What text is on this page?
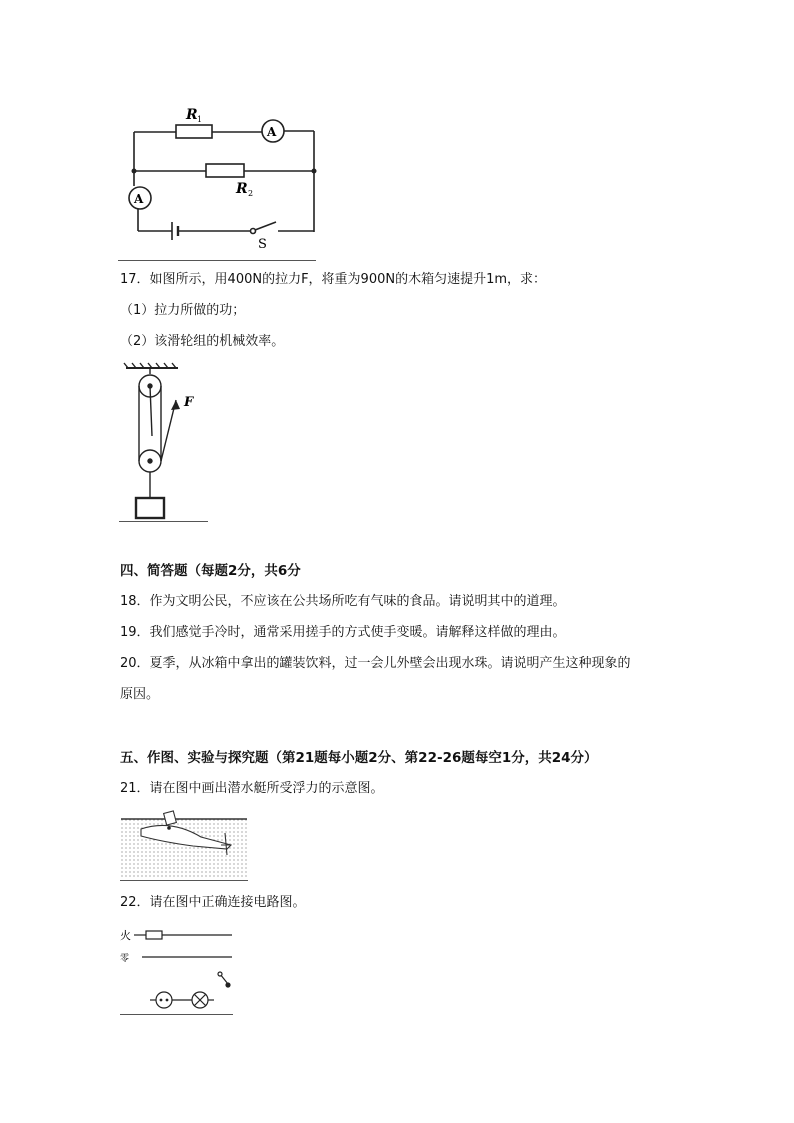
A
A
R 1
R 2
S
17．如图所示，用400N的拉力F，将重为900N的木箱匀速提升1m，求：
（1）拉力所做的功；
（2）该滑轮组的机械效率。
F
四、简答题（每题2分，共6分
18．作为文明公民，不应该在公共场所吃有气味的食品。请说明其中的道理。
19．我们感觉手冷时，通常采用搓手的方式使手变暖。请解释这样做的理由。
20．夏季，从冰箱中拿出的罐装饮料，过一会儿外壁会出现水珠。请说明产生这种现象的
原因。
五、作图、实验与探究题（第21题每小题2分、第22-26题每空1分，共24分）
21．请在图中画出潜水艇所受浮力的示意图。
22．请在图中正确连接电路图。
火
零
